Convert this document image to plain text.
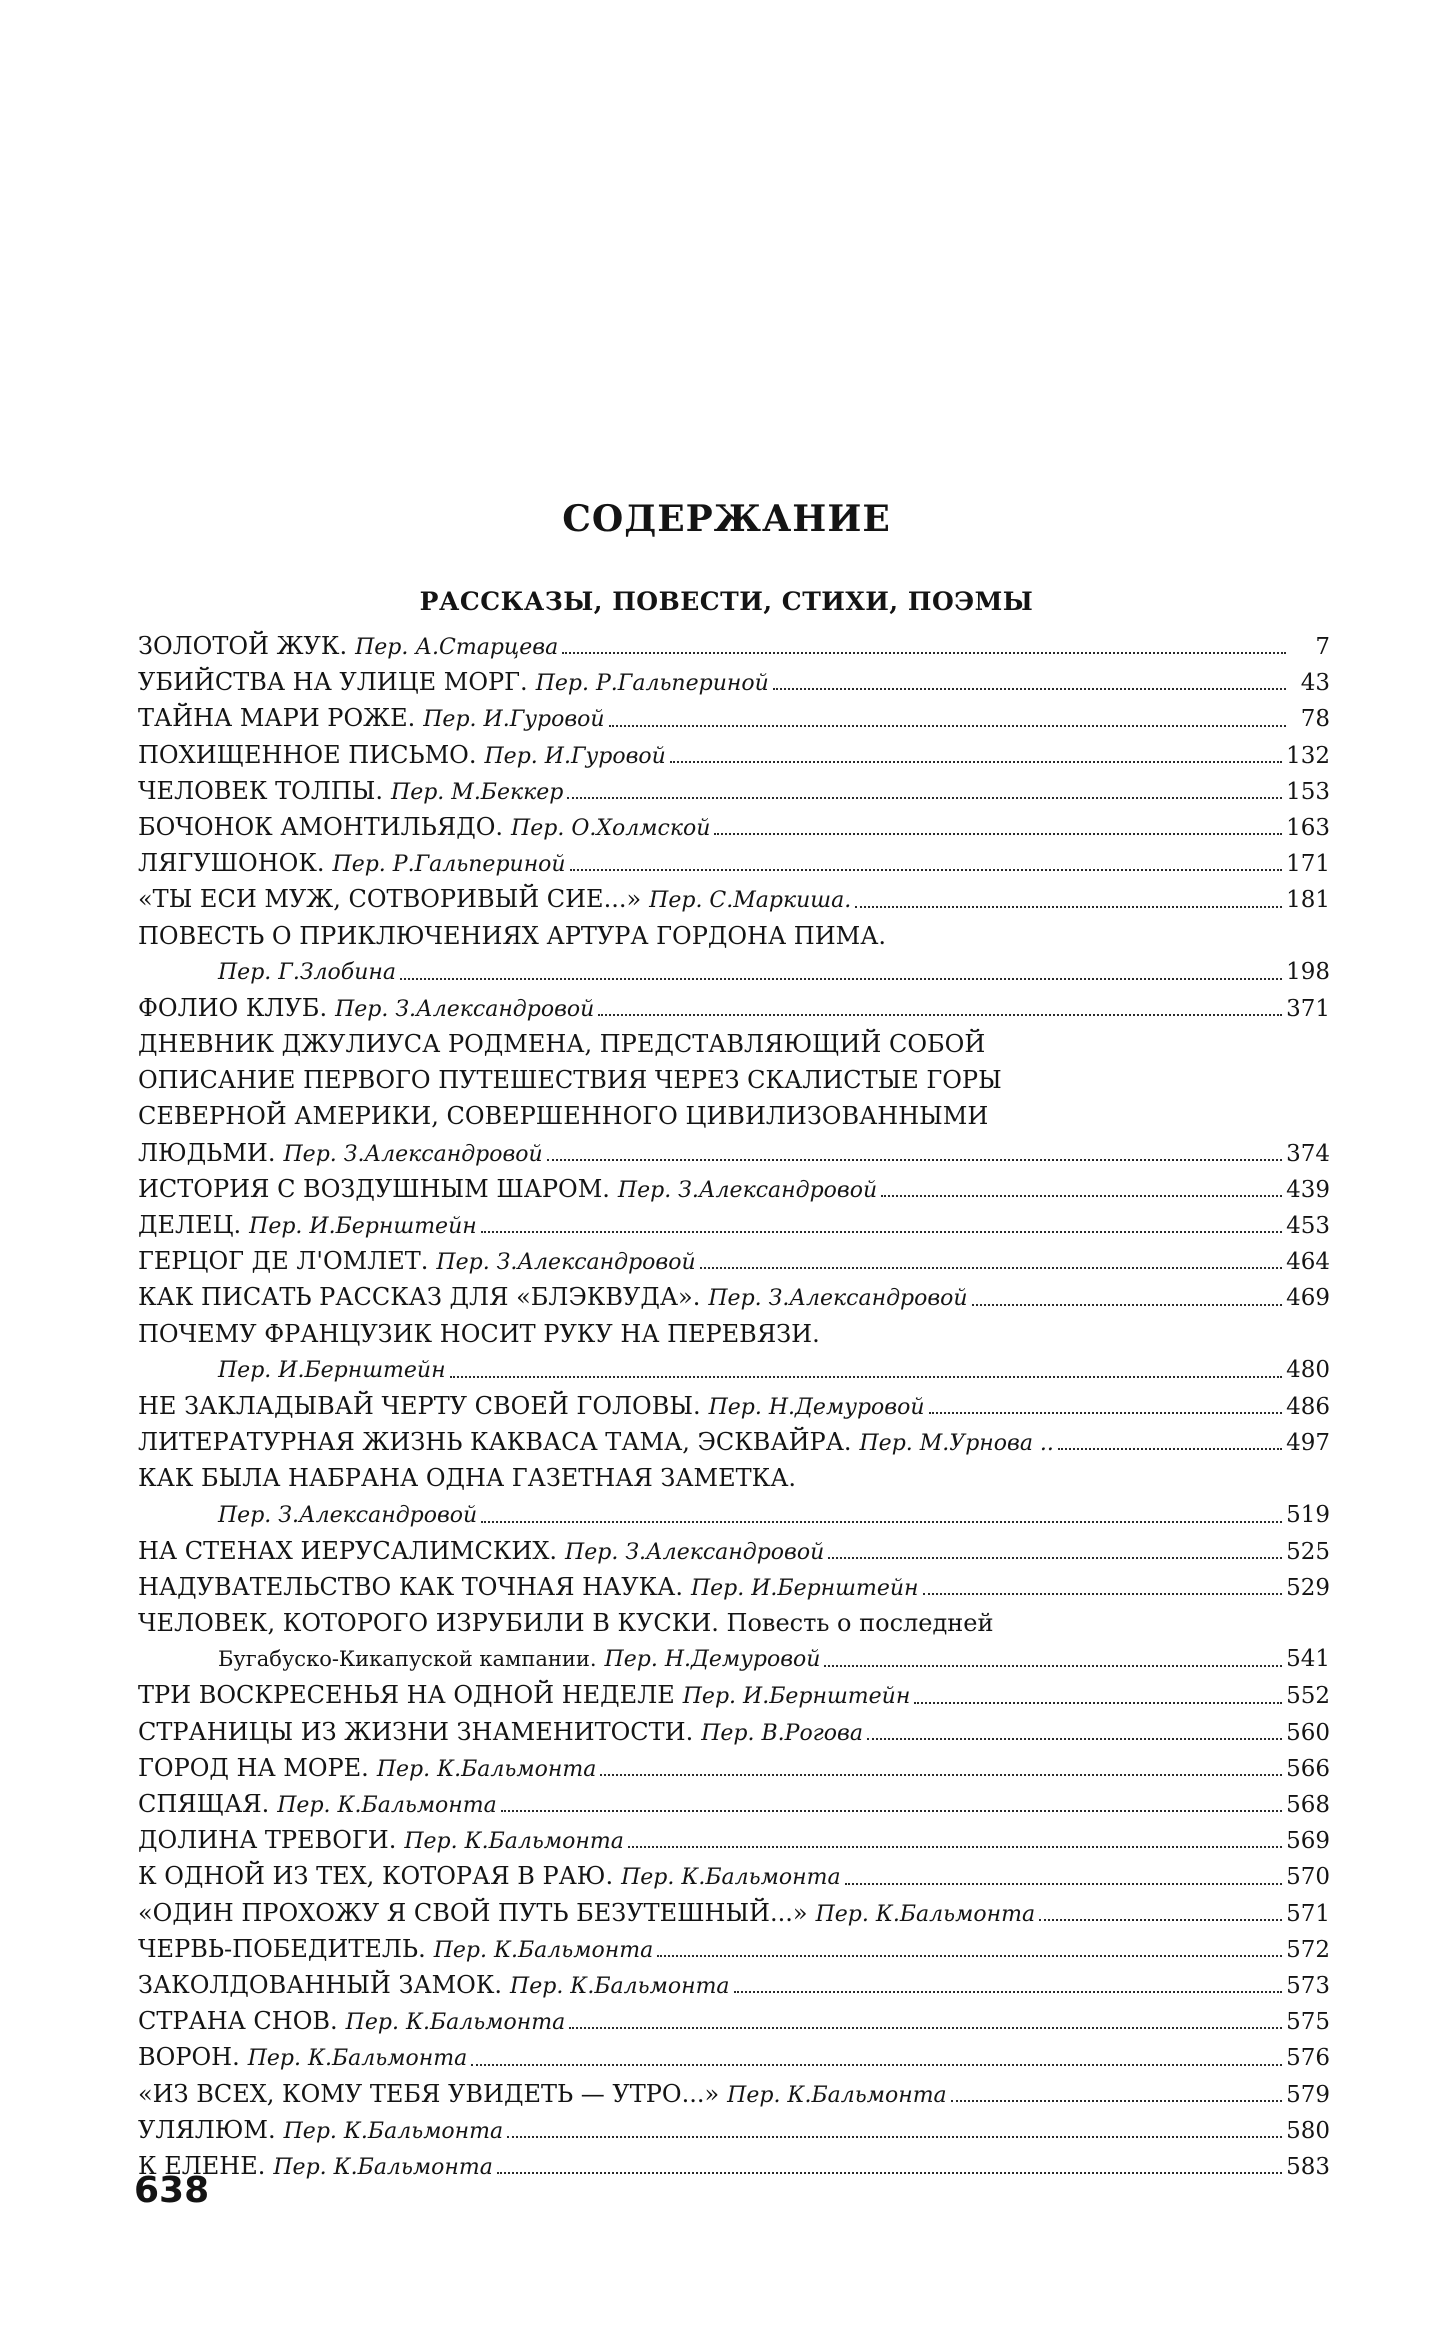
СОДЕРЖАНИЕ
РАССКАЗЫ, ПОВЕСТИ, СТИХИ, ПОЭМЫ
ЗОЛОТОЙ ЖУК. Пер. А.Старцева	7
УБИЙСТВА НА УЛИЦЕ МОРГ. Пер. Р.Гальпериной	43
ТАЙНА МАРИ РОЖЕ. Пер. И.Гуровой	78
ПОХИЩЕННОЕ ПИСЬМО. Пер. И.Гуровой	132
ЧЕЛОВЕК ТОЛПЫ. Пер. М.Беккер	153
БОЧОНОК АМОНТИЛЬЯДО. Пер. О.Холмской	163
ЛЯГУШОНОК. Пер. Р.Гальпериной	171
«ТЫ ЕСИ МУЖ, СОТВОРИВЫЙ СИЕ...» Пер. С.Маркиша.	181
ПОВЕСТЬ О ПРИКЛЮЧЕНИЯХ АРТУРА ГОРДОНА ПИМА.
Пер. Г.Злобина	198
ФОЛИО КЛУБ. Пер. З.Александровой	371
ДНЕВНИК ДЖУЛИУСА РОДМЕНА, ПРЕДСТАВЛЯЮЩИЙ СОБОЙ
ОПИСАНИЕ ПЕРВОГО ПУТЕШЕСТВИЯ ЧЕРЕЗ СКАЛИСТЫЕ ГОРЫ
СЕВЕРНОЙ АМЕРИКИ, СОВЕРШЕННОГО ЦИВИЛИЗОВАННЫМИ
ЛЮДЬМИ. Пер. З.Александровой	374
ИСТОРИЯ С ВОЗДУШНЫМ ШАРОМ. Пер. З.Александровой	439
ДЕЛЕЦ. Пер. И.Бернштейн	453
ГЕРЦОГ ДЕ Л'ОМЛЕТ. Пер. З.Александровой	464
КАК ПИСАТЬ РАССКАЗ ДЛЯ «БЛЭКВУДА». Пер. З.Александровой	469
ПОЧЕМУ ФРАНЦУЗИК НОСИТ РУКУ НА ПЕРЕВЯЗИ.
Пер. И.Бернштейн	480
НЕ ЗАКЛАДЫВАЙ ЧЕРТУ СВОЕЙ ГОЛОВЫ. Пер. Н.Демуровой	486
ЛИТЕРАТУРНАЯ ЖИЗНЬ КАКВАСА ТАМА, ЭСКВАЙРА. Пер. М.Урнова ..	497
КАК БЫЛА НАБРАНА ОДНА ГАЗЕТНАЯ ЗАМЕТКА.
Пер. З.Александровой	519
НА СТЕНАХ ИЕРУСАЛИМСКИХ. Пер. З.Александровой	525
НАДУВАТЕЛЬСТВО КАК ТОЧНАЯ НАУКА. Пер. И.Бернштейн	529
ЧЕЛОВЕК, КОТОРОГО ИЗРУБИЛИ В КУСКИ. Повесть о последней
Бугабуско-Кикапуской кампании. Пер. Н.Демуровой	541
ТРИ ВОСКРЕСЕНЬЯ НА ОДНОЙ НЕДЕЛЕ Пер. И.Бернштейн	552
СТРАНИЦЫ ИЗ ЖИЗНИ ЗНАМЕНИТОСТИ. Пер. В.Рогова	560
ГОРОД НА МОРЕ. Пер. К.Бальмонта	566
СПЯЩАЯ. Пер. К.Бальмонта	568
ДОЛИНА ТРЕВОГИ. Пер. К.Бальмонта	569
К ОДНОЙ ИЗ ТЕХ, КОТОРАЯ В РАЮ. Пер. К.Бальмонта	570
«ОДИН ПРОХОЖУ Я СВОЙ ПУТЬ БЕЗУТЕШНЫЙ...» Пер. К.Бальмонта	571
ЧЕРВЬ-ПОБЕДИТЕЛЬ. Пер. К.Бальмонта	572
ЗАКОЛДОВАННЫЙ ЗАМОК. Пер. К.Бальмонта	573
СТРАНА СНОВ. Пер. К.Бальмонта	575
ВОРОН. Пер. К.Бальмонта	576
«ИЗ ВСЕХ, КОМУ ТЕБЯ УВИДЕТЬ — УТРО...» Пер. К.Бальмонта	579
УЛЯЛЮМ. Пер. К.Бальмонта	580
К ЕЛЕНЕ. Пер. К.Бальмонта	583
638
